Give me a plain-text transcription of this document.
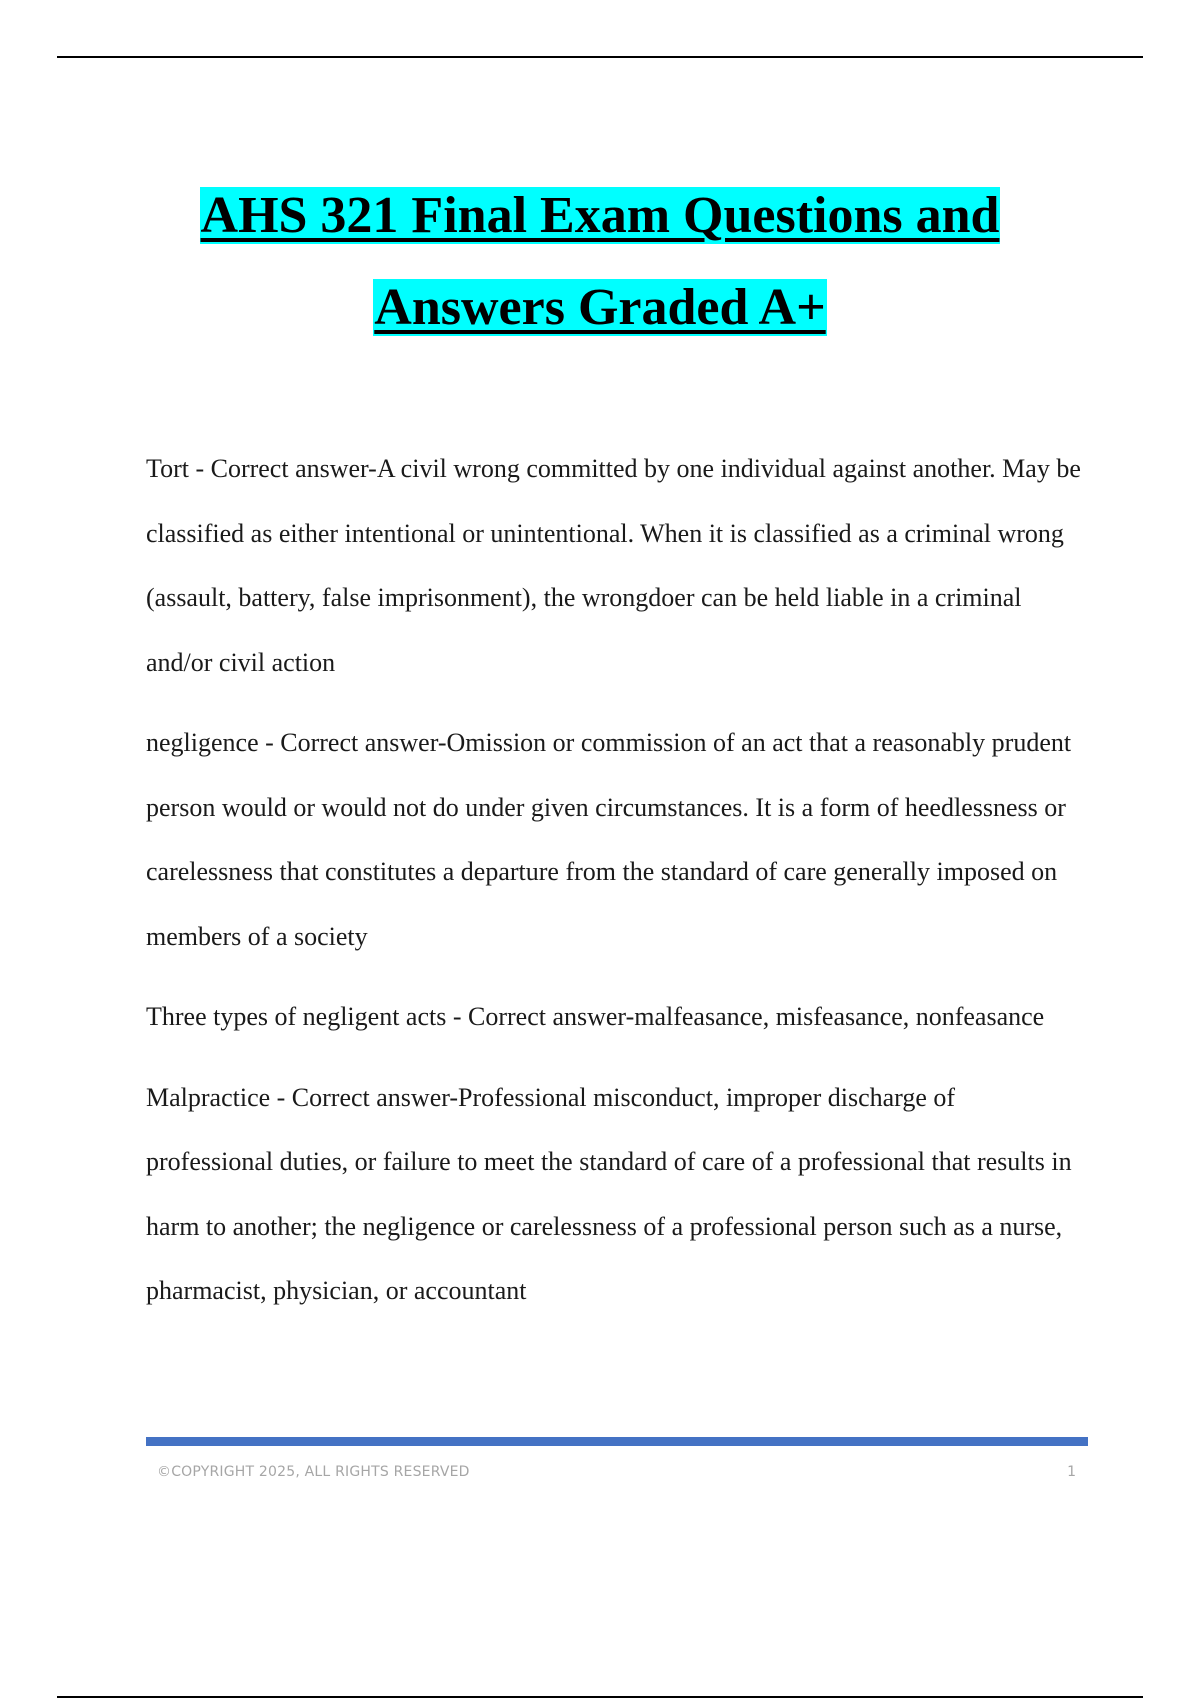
AHS 321 Final Exam Questions and
Answers Graded A+

Tort - Correct answer-A civil wrong committed by one individual against another. May be classified as either intentional or unintentional. When it is classified as a criminal wrong (assault, battery, false imprisonment), the wrongdoer can be held liable in a criminal and/or civil action

negligence - Correct answer-Omission or commission of an act that a reasonably prudent person would or would not do under given circumstances. It is a form of heedlessness or carelessness that constitutes a departure from the standard of care generally imposed on members of a society

Three types of negligent acts - Correct answer-malfeasance, misfeasance, nonfeasance

Malpractice - Correct answer-Professional misconduct, improper discharge of professional duties, or failure to meet the standard of care of a professional that results in harm to another; the negligence or carelessness of a professional person such as a nurse, pharmacist, physician, or accountant

©COPYRIGHT 2025, ALL RIGHTS RESERVED	1
